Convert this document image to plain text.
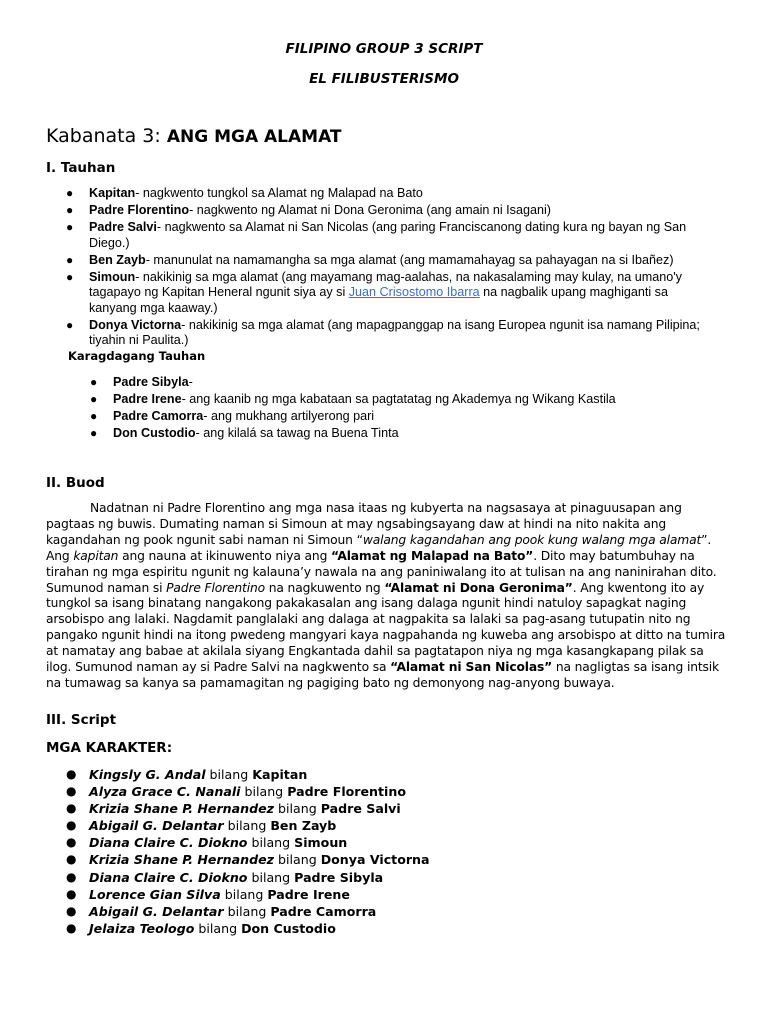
FILIPINO GROUP 3 SCRIPT
EL FILIBUSTERISMO
Kabanata 3: ANG MGA ALAMAT
I. Tauhan
● Kapitan- nagkwento tungkol sa Alamat ng Malapad na Bato
● Padre Florentino- nagkwento ng Alamat ni Dona Geronima (ang amain ni Isagani)
● Padre Salvi- nagkwento sa Alamat ni San Nicolas (ang paring Franciscanong dating kura ng bayan ng San Diego.)
● Ben Zayb- manunulat na namamangha sa mga alamat (ang mamamahayag sa pahayagan na si Ibañez)
● Simoun- nakikinig sa mga alamat (ang mayamang mag-aalahas, na nakasalaming may kulay, na umano'y tagapayo ng Kapitan Heneral ngunit siya ay si Juan Crisostomo Ibarra na nagbalik upang maghiganti sa kanyang mga kaaway.)
● Donya Victorna- nakikinig sa mga alamat (ang mapagpanggap na isang Europea ngunit isa namang Pilipina; tiyahin ni Paulita.)
Karagdagang Tauhan
● Padre Sibyla-
● Padre Irene- ang kaanib ng mga kabataan sa pagtatatag ng Akademya ng Wikang Kastila
● Padre Camorra- ang mukhang artilyerong pari
● Don Custodio- ang kilalá sa tawag na Buena Tinta
II. Buod
Nadatnan ni Padre Florentino ang mga nasa itaas ng kubyerta na nagsasaya at pinaguusapan ang pagtaas ng buwis. Dumating naman si Simoun at may ngsabingsayang daw at hindi na nito nakita ang kagandahan ng pook ngunit sabi naman ni Simoun “walang kagandahan ang pook kung walang mga alamat”. Ang kapitan ang nauna at ikinuwento niya ang “Alamat ng Malapad na Bato”. Dito may batumbuhay na tirahan ng mga espiritu ngunit ng kalauna’y nawala na ang paniniwalang ito at tulisan na ang naninirahan dito. Sumunod naman si Padre Florentino na nagkuwento ng “Alamat ni Dona Geronima”. Ang kwentong ito ay tungkol sa isang binatang nangakong pakakasalan ang isang dalaga ngunit hindi natuloy sapagkat naging arsobispo ang lalaki. Nagdamit panglalaki ang dalaga at nagpakita sa lalaki sa pag-asang tutupatin nito ng pangako ngunit hindi na itong pwedeng mangyari kaya nagpahanda ng kuweba ang arsobispo at ditto na tumira at namatay ang babae at akilala siyang Engkantada dahil sa pagtatapon niya ng mga kasangkapang pilak sa ilog. Sumunod naman ay si Padre Salvi na nagkwento sa “Alamat ni San Nicolas” na nagligtas sa isang intsik na tumawag sa kanya sa pamamagitan ng pagiging bato ng demonyong nag-anyong buwaya.
III. Script
MGA KARAKTER:
● Kingsly G. Andal bilang Kapitan
● Alyza Grace C. Nanali bilang Padre Florentino
● Krizia Shane P. Hernandez bilang Padre Salvi
● Abigail G. Delantar bilang Ben Zayb
● Diana Claire C. Diokno bilang Simoun
● Krizia Shane P. Hernandez bilang Donya Victorna
● Diana Claire C. Diokno bilang Padre Sibyla
● Lorence Gian Silva bilang Padre Irene
● Abigail G. Delantar bilang Padre Camorra
● Jelaiza Teologo bilang Don Custodio
